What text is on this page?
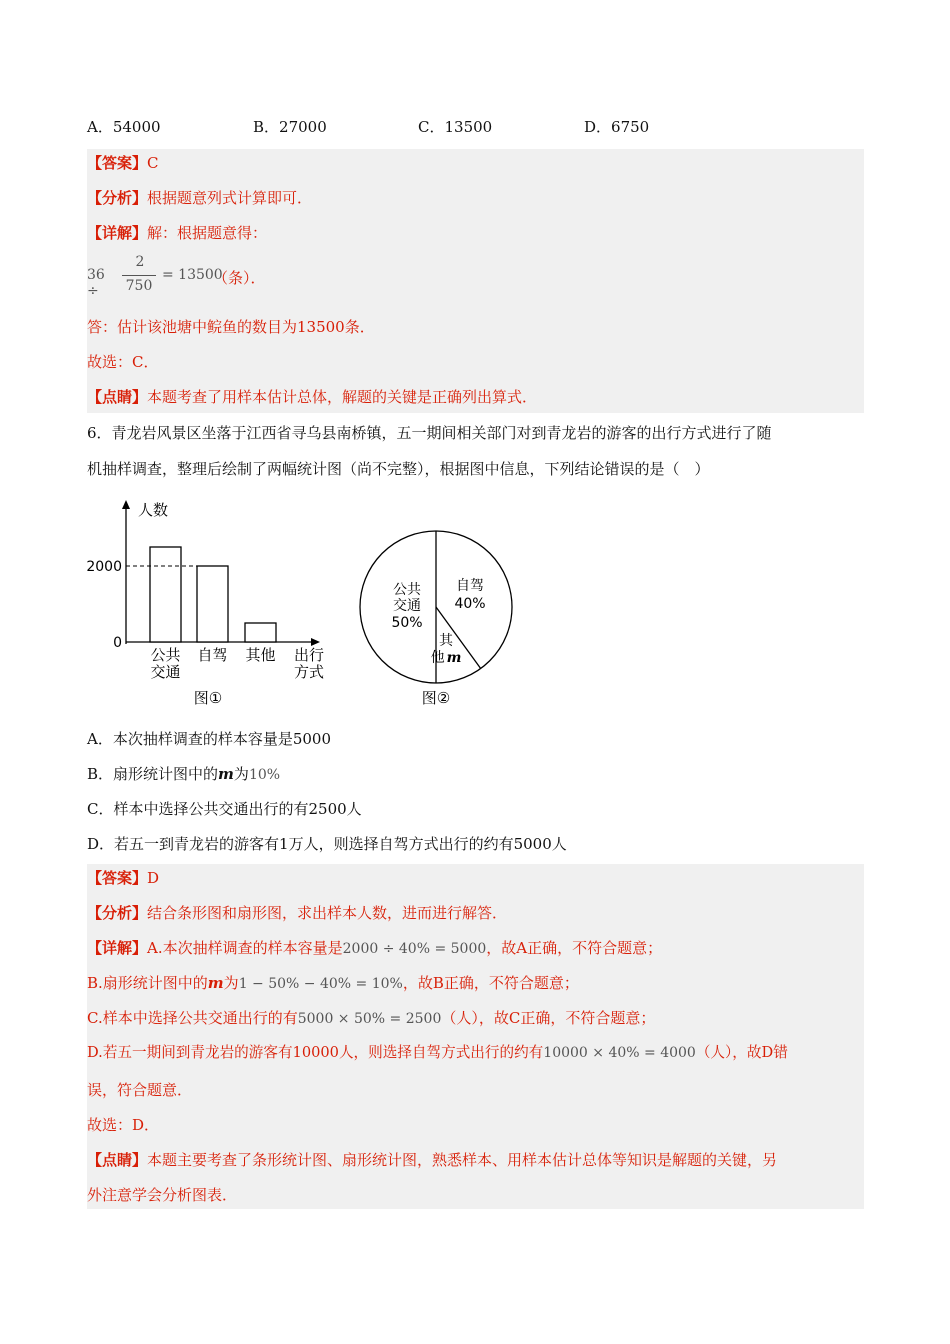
A．54000	B．27000	C．13500	D．6750
【答案】C
【分析】根据题意列式计算即可．
【详解】解：根据题意得：
36 ÷
2
750
= 13500
（条）．
答：估计该池塘中鲩鱼的数目为13500条．
故选：C．
【点睛】本题考查了用样本估计总体，解题的关键是正确列出算式．
6．青龙岩风景区坐落于江西省寻乌县南桥镇，五一期间相关部门对到青龙岩的游客的出行方式进行了随
机抽样调查，整理后绘制了两幅统计图（尚不完整），根据图中信息，下列结论错误的是（　）
人数
出行
方式
公共
交通
自驾 其他
0
2000
图①
公共
交通
50%
自驾
40%
其
他 m
图②
A．本次抽样调查的样本容量是5000
B．扇形统计图中的m为10%
C．样本中选择公共交通出行的有2500人
D．若五一到青龙岩的游客有1万人，则选择自驾方式出行的约有5000人
【答案】D
【分析】结合条形图和扇形图，求出样本人数，进而进行解答．
【详解】A.本次抽样调查的样本容量是2000 ÷ 40% = 5000，故A正确，不符合题意；
B.扇形统计图中的m为1 − 50% − 40% = 10%，故B正确，不符合题意；
C.样本中选择公共交通出行的有5000 × 50% = 2500（人），故C正确，不符合题意；
D.若五一期间到青龙岩的游客有10000人，则选择自驾方式出行的约有10000 × 40% = 4000（人），故D错
误，符合题意．
故选：D．
【点睛】本题主要考查了条形统计图、扇形统计图，熟悉样本、用样本估计总体等知识是解题的关键，另
外注意学会分析图表．
